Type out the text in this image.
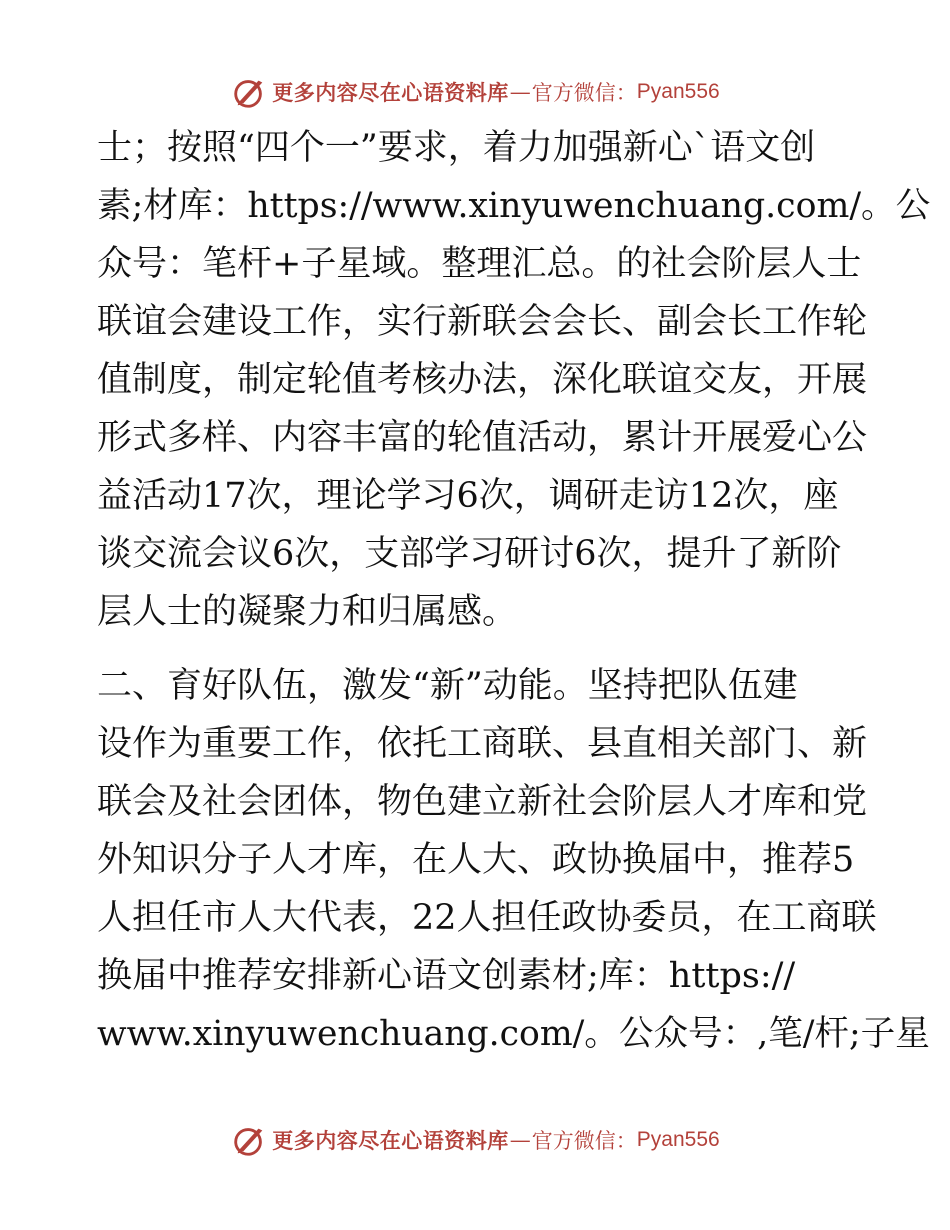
更多内容尽在心语资料库 — 官方微信： Pyan556
士；按照“四个一”要求，着力加强新心`语文创
素;材库：https://www.xinyuwenchuang.com/。公
众号：笔杆+子星域。整理汇总。的社会阶层人士
联谊会建设工作，实行新联会会长、副会长工作轮
值制度，制定轮值考核办法，深化联谊交友，开展
形式多样、内容丰富的轮值活动，累计开展爱心公
益活动17次，理论学习6次，调研走访12次，座
谈交流会议6次，支部学习研讨6次，提升了新阶
层人士的凝聚力和归属感。
二、育好队伍，激发“新”动能。坚持把队伍建
设作为重要工作，依托工商联、县直相关部门、新
联会及社会团体，物色建立新社会阶层人才库和党
外知识分子人才库，在人大、政协换届中，推荐5
人担任市人大代表，22人担任政协委员，在工商联
换届中推荐安排新心语文创素材;库：https://
www.xinyuwenchuang.com/。公众号：,笔/杆;子星
更多内容尽在心语资料库 — 官方微信： Pyan556
